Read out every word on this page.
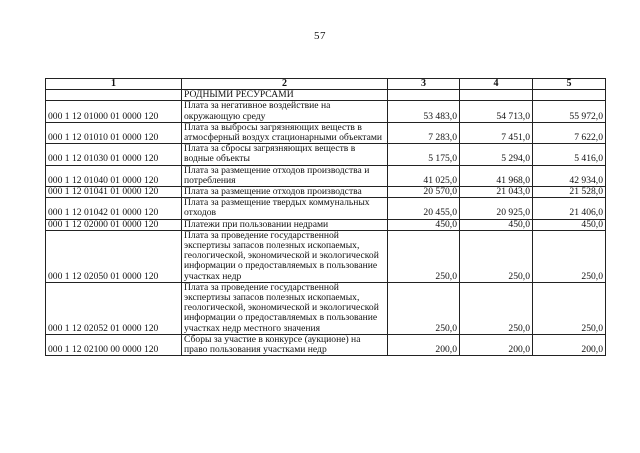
57
1	2	3	4	5
	РОДНЫМИ РЕСУРСАМИ			
000 1 12 01000 01 0000 120	Плата за негативное воздействие на окружающую среду	53 483,0	54 713,0	55 972,0
000 1 12 01010 01 0000 120	Плата за выбросы загрязняющих веществ в атмосферный воздух стационарными объектами	7 283,0	7 451,0	7 622,0
000 1 12 01030 01 0000 120	Плата за сбросы загрязняющих веществ в водные объекты	5 175,0	5 294,0	5 416,0
000 1 12 01040 01 0000 120	Плата за размещение отходов производства и потребления	41 025,0	41 968,0	42 934,0
000 1 12 01041 01 0000 120	Плата за размещение отходов производства	20 570,0	21 043,0	21 528,0
000 1 12 01042 01 0000 120	Плата за размещение твердых коммунальных отходов	20 455,0	20 925,0	21 406,0
000 1 12 02000 01 0000 120	Платежи при пользовании недрами	450,0	450,0	450,0
000 1 12 02050 01 0000 120	Плата за проведение государственной экспертизы запасов полезных ископаемых, геологической, экономической и экологической информации о предоставляемых в пользование участках недр	250,0	250,0	250,0
000 1 12 02052 01 0000 120	Плата за проведение государственной экспертизы запасов полезных ископаемых, геологической, экономической и экологической информации о предоставляемых в пользование участках недр местного значения	250,0	250,0	250,0
000 1 12 02100 00 0000 120	Сборы за участие в конкурсе (аукционе) на право пользования участками недр	200,0	200,0	200,0
